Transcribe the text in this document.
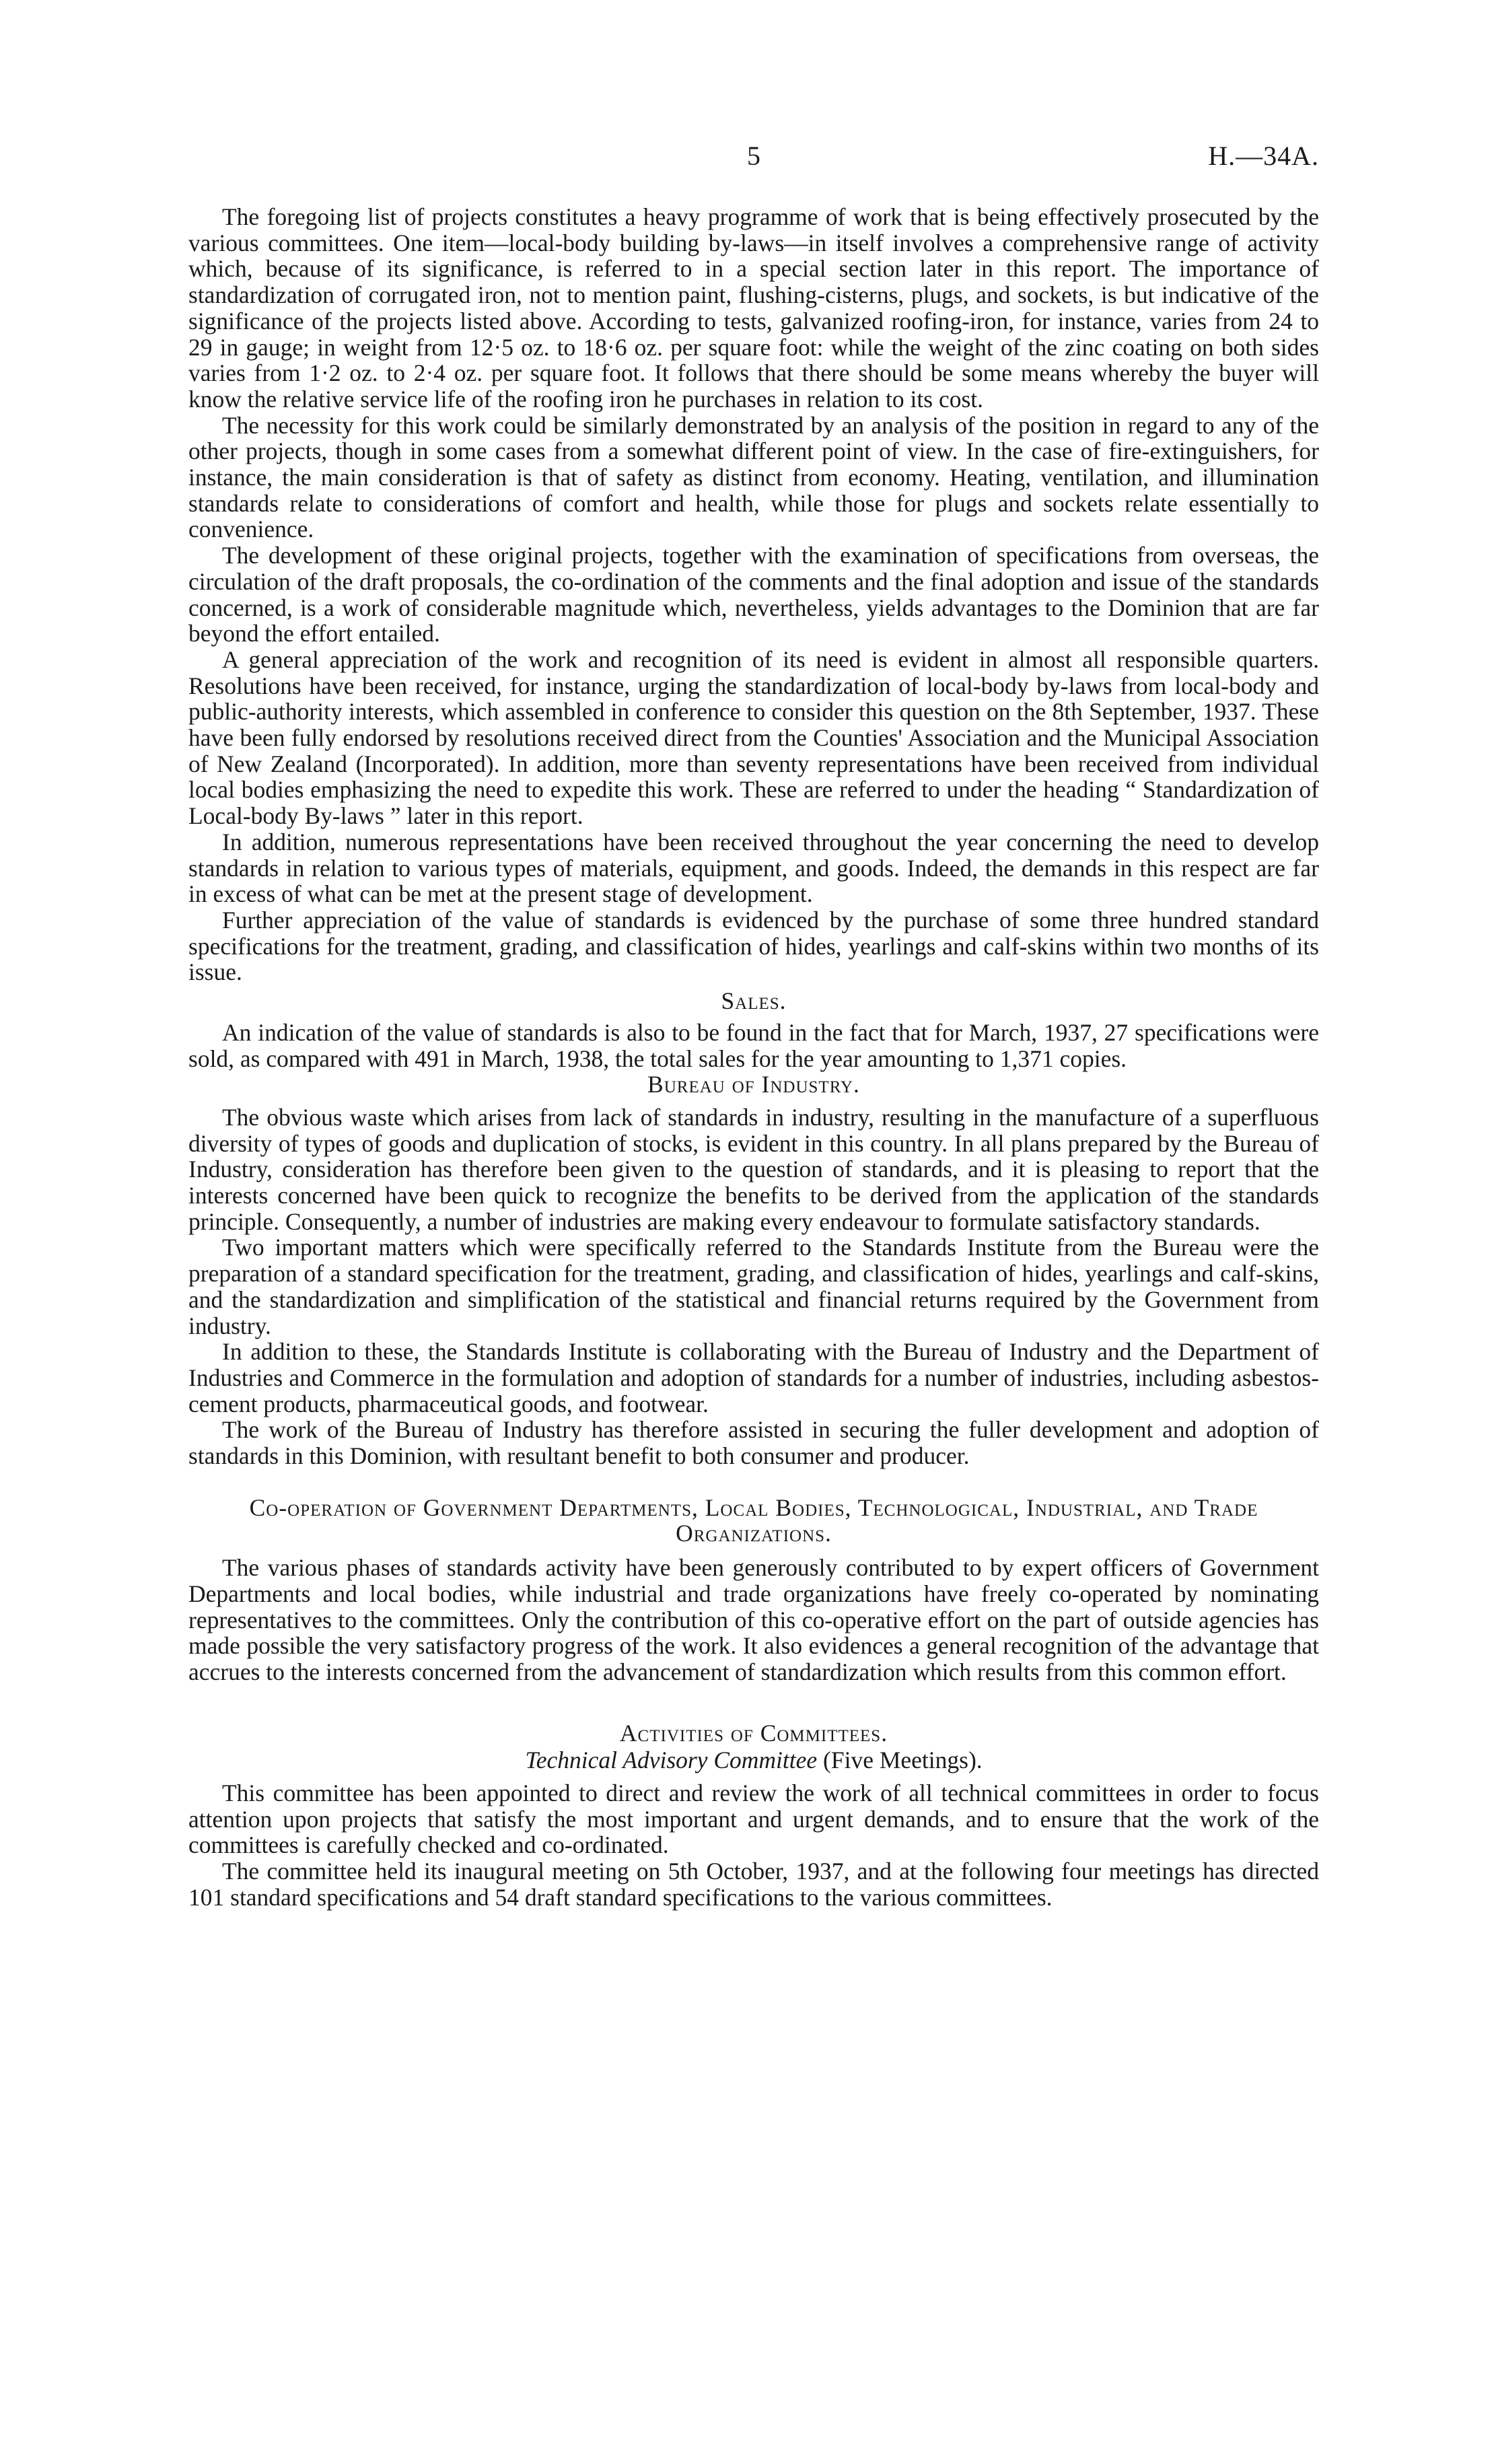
5	H.—34A.

The foregoing list of projects constitutes a heavy programme of work that is being effectively prosecuted by the various committees. One item—local-body building by-laws—in itself involves a comprehensive range of activity which, because of its significance, is referred to in a special section later in this report. The importance of standardization of corrugated iron, not to mention paint, flushing-cisterns, plugs, and sockets, is but indicative of the significance of the projects listed above. According to tests, galvanized roofing-iron, for instance, varies from 24 to 29 in gauge; in weight from 12·5 oz. to 18·6 oz. per square foot: while the weight of the zinc coating on both sides varies from 1·2 oz. to 2·4 oz. per square foot. It follows that there should be some means whereby the buyer will know the relative service life of the roofing iron he purchases in relation to its cost.

The necessity for this work could be similarly demonstrated by an analysis of the position in regard to any of the other projects, though in some cases from a somewhat different point of view. In the case of fire-extinguishers, for instance, the main consideration is that of safety as distinct from economy. Heating, ventilation, and illumination standards relate to considerations of comfort and health, while those for plugs and sockets relate essentially to convenience.

The development of these original projects, together with the examination of specifications from overseas, the circulation of the draft proposals, the co-ordination of the comments and the final adoption and issue of the standards concerned, is a work of considerable magnitude which, nevertheless, yields advantages to the Dominion that are far beyond the effort entailed.

A general appreciation of the work and recognition of its need is evident in almost all responsible quarters. Resolutions have been received, for instance, urging the standardization of local-body by-laws from local-body and public-authority interests, which assembled in conference to consider this question on the 8th September, 1937. These have been fully endorsed by resolutions received direct from the Counties' Association and the Municipal Association of New Zealand (Incorporated). In addition, more than seventy representations have been received from individual local bodies emphasizing the need to expedite this work. These are referred to under the heading “ Standardization of Local-body By-laws ” later in this report.

In addition, numerous representations have been received throughout the year concerning the need to develop standards in relation to various types of materials, equipment, and goods. Indeed, the demands in this respect are far in excess of what can be met at the present stage of development.

Further appreciation of the value of standards is evidenced by the purchase of some three hundred standard specifications for the treatment, grading, and classification of hides, yearlings and calf-skins within two months of its issue.

Sales.

An indication of the value of standards is also to be found in the fact that for March, 1937, 27 specifications were sold, as compared with 491 in March, 1938, the total sales for the year amounting to 1,371 copies.

Bureau of Industry.

The obvious waste which arises from lack of standards in industry, resulting in the manufacture of a superfluous diversity of types of goods and duplication of stocks, is evident in this country. In all plans prepared by the Bureau of Industry, consideration has therefore been given to the question of standards, and it is pleasing to report that the interests concerned have been quick to recognize the benefits to be derived from the application of the standards principle. Consequently, a number of industries are making every endeavour to formulate satisfactory standards.

Two important matters which were specifically referred to the Standards Institute from the Bureau were the preparation of a standard specification for the treatment, grading, and classification of hides, yearlings and calf-skins, and the standardization and simplification of the statistical and financial returns required by the Government from industry.

In addition to these, the Standards Institute is collaborating with the Bureau of Industry and the Department of Industries and Commerce in the formulation and adoption of standards for a number of industries, including asbestos-cement products, pharmaceutical goods, and footwear.

The work of the Bureau of Industry has therefore assisted in securing the fuller development and adoption of standards in this Dominion, with resultant benefit to both consumer and producer.

Co-operation of Government Departments, Local Bodies, Technological, Industrial, and Trade Organizations.

The various phases of standards activity have been generously contributed to by expert officers of Government Departments and local bodies, while industrial and trade organizations have freely co-operated by nominating representatives to the committees. Only the contribution of this co-operative effort on the part of outside agencies has made possible the very satisfactory progress of the work. It also evidences a general recognition of the advantage that accrues to the interests concerned from the advancement of standardization which results from this common effort.

Activities of Committees.
Technical Advisory Committee (Five Meetings).

This committee has been appointed to direct and review the work of all technical committees in order to focus attention upon projects that satisfy the most important and urgent demands, and to ensure that the work of the committees is carefully checked and co-ordinated.

The committee held its inaugural meeting on 5th October, 1937, and at the following four meetings has directed 101 standard specifications and 54 draft standard specifications to the various committees.
